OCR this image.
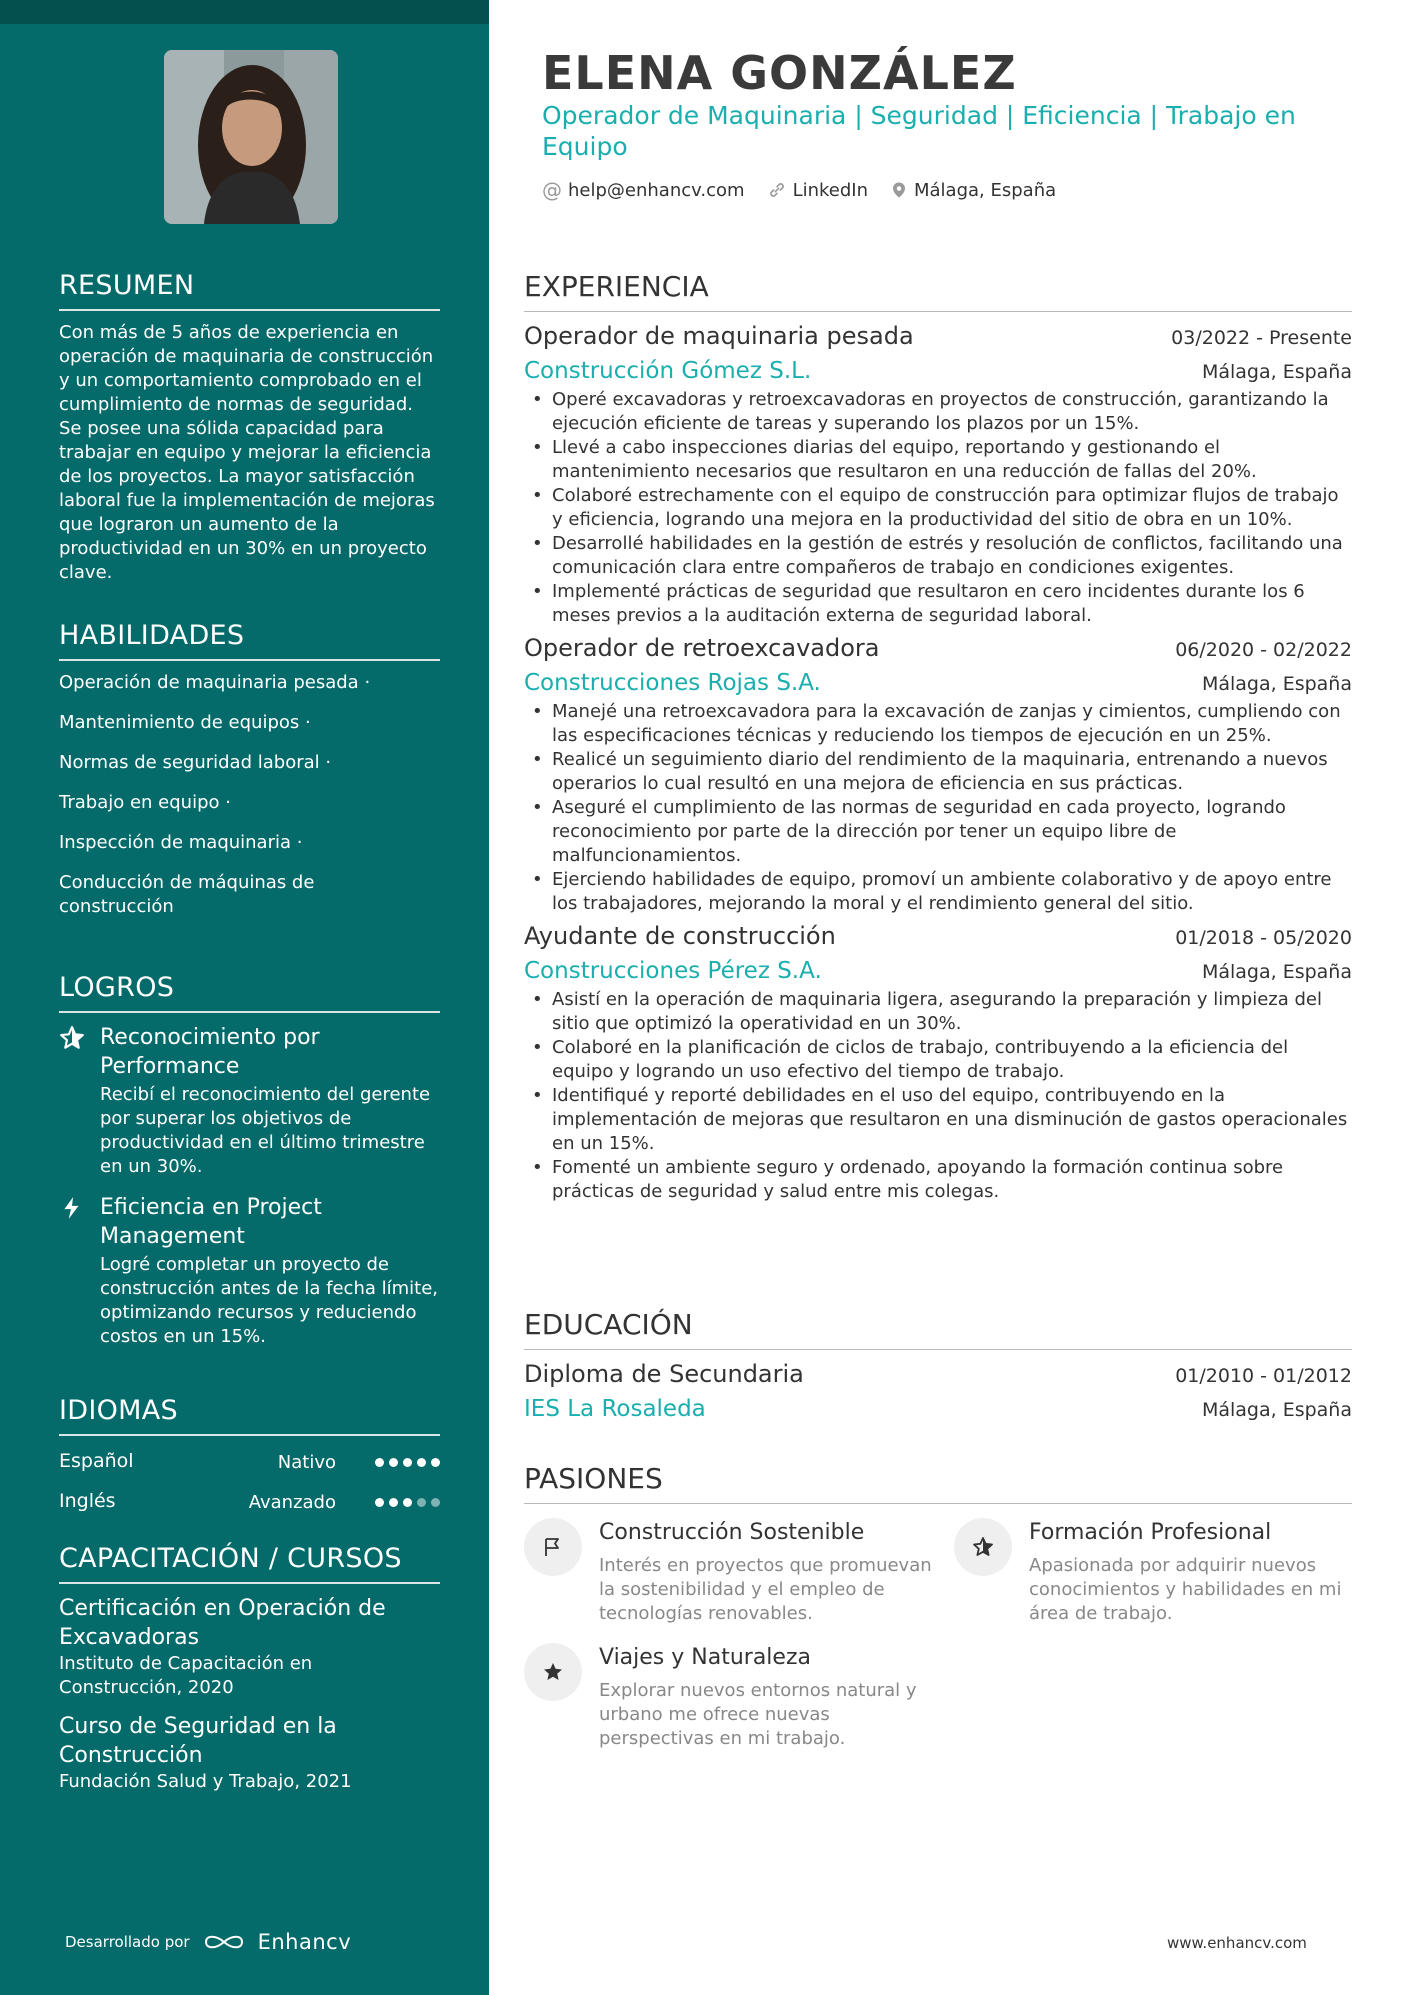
RESUMEN
Con más de 5 años de experiencia en operación de maquinaria de construcción y un comportamiento comprobado en el cumplimiento de normas de seguridad. Se posee una sólida capacidad para trabajar en equipo y mejorar la eficiencia de los proyectos. La mayor satisfacción laboral fue la implementación de mejoras que lograron un aumento de la productividad en un 30% en un proyecto clave.
HABILIDADES
Operación de maquinaria pesada ·
Mantenimiento de equipos ·
Normas de seguridad laboral ·
Trabajo en equipo ·
Inspección de maquinaria ·
Conducción de máquinas de construcción
LOGROS
Reconocimiento por Performance
Recibí el reconocimiento del gerente por superar los objetivos de productividad en el último trimestre en un 30%.
Eficiencia en Project Management
Logré completar un proyecto de construcción antes de la fecha límite, optimizando recursos y reduciendo costos en un 15%.
IDIOMAS
Español	Nativo
Inglés	Avanzado
CAPACITACIÓN / CURSOS
Certificación en Operación de Excavadoras
Instituto de Capacitación en Construcción, 2020
Curso de Seguridad en la Construcción
Fundación Salud y Trabajo, 2021
Desarrollado por	Enhancv
ELENA GONZÁLEZ
Operador de Maquinaria | Seguridad | Eficiencia | Trabajo en Equipo
@ help@enhancv.com	LinkedIn	Málaga, España
EXPERIENCIA
Operador de maquinaria pesada	03/2022 - Presente
Construcción Gómez S.L.	Málaga, España
• Operé excavadoras y retroexcavadoras en proyectos de construcción, garantizando la ejecución eficiente de tareas y superando los plazos por un 15%.
• Llevé a cabo inspecciones diarias del equipo, reportando y gestionando el mantenimiento necesarios que resultaron en una reducción de fallas del 20%.
• Colaboré estrechamente con el equipo de construcción para optimizar flujos de trabajo y eficiencia, logrando una mejora en la productividad del sitio de obra en un 10%.
• Desarrollé habilidades en la gestión de estrés y resolución de conflictos, facilitando una comunicación clara entre compañeros de trabajo en condiciones exigentes.
• Implementé prácticas de seguridad que resultaron en cero incidentes durante los 6 meses previos a la auditación externa de seguridad laboral.
Operador de retroexcavadora	06/2020 - 02/2022
Construcciones Rojas S.A.	Málaga, España
• Manejé una retroexcavadora para la excavación de zanjas y cimientos, cumpliendo con las especificaciones técnicas y reduciendo los tiempos de ejecución en un 25%.
• Realicé un seguimiento diario del rendimiento de la maquinaria, entrenando a nuevos operarios lo cual resultó en una mejora de eficiencia en sus prácticas.
• Aseguré el cumplimiento de las normas de seguridad en cada proyecto, logrando reconocimiento por parte de la dirección por tener un equipo libre de malfuncionamientos.
• Ejerciendo habilidades de equipo, promoví un ambiente colaborativo y de apoyo entre los trabajadores, mejorando la moral y el rendimiento general del sitio.
Ayudante de construcción	01/2018 - 05/2020
Construcciones Pérez S.A.	Málaga, España
• Asistí en la operación de maquinaria ligera, asegurando la preparación y limpieza del sitio que optimizó la operatividad en un 30%.
• Colaboré en la planificación de ciclos de trabajo, contribuyendo a la eficiencia del equipo y logrando un uso efectivo del tiempo de trabajo.
• Identifiqué y reporté debilidades en el uso del equipo, contribuyendo en la implementación de mejoras que resultaron en una disminución de gastos operacionales en un 15%.
• Fomenté un ambiente seguro y ordenado, apoyando la formación continua sobre prácticas de seguridad y salud entre mis colegas.
EDUCACIÓN
Diploma de Secundaria	01/2010 - 01/2012
IES La Rosaleda	Málaga, España
PASIONES
Construcción Sostenible
Interés en proyectos que promuevan la sostenibilidad y el empleo de tecnologías renovables.
Formación Profesional
Apasionada por adquirir nuevos conocimientos y habilidades en mi área de trabajo.
Viajes y Naturaleza
Explorar nuevos entornos natural y urbano me ofrece nuevas perspectivas en mi trabajo.
www.enhancv.com
